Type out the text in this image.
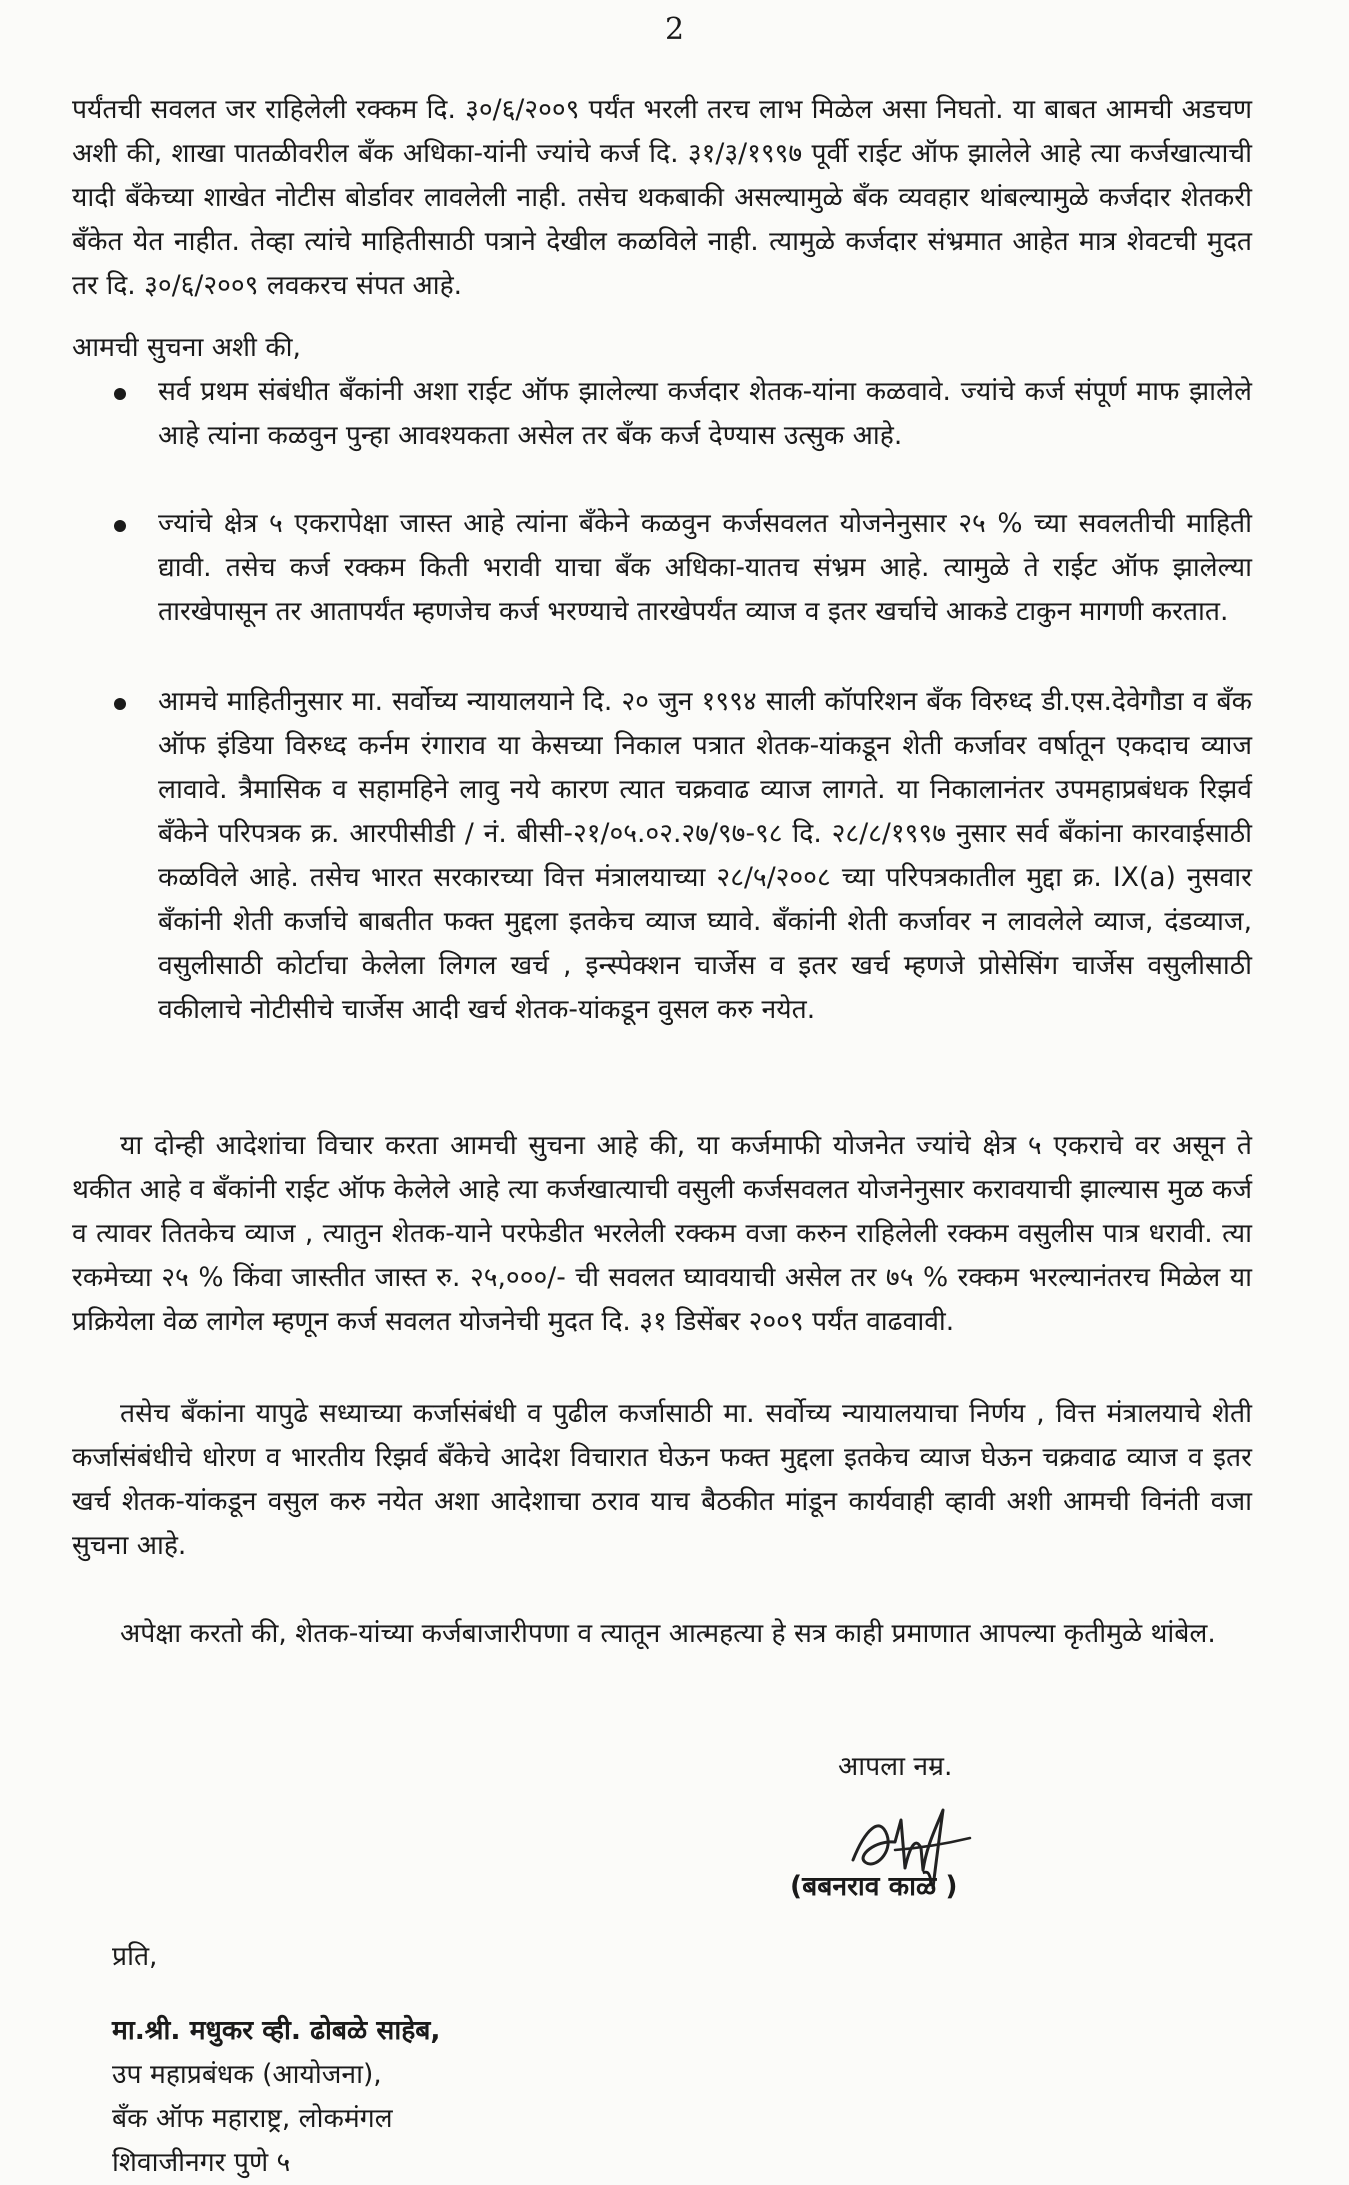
2
पर्यंतची सवलत जर राहिलेली रक्कम दि. ३०/६/२००९ पर्यंत भरली तरच लाभ मिळेल असा निघतो. या बाबत आमची अडचण अशी की, शाखा पातळीवरील बँक अधिका-यांनी ज्यांचे कर्ज दि. ३१/३/१९९७ पूर्वी राईट ऑफ झालेले आहे त्या कर्जखात्याची यादी बँकेच्या शाखेत नोटीस बोर्डावर लावलेली नाही. तसेच थकबाकी असल्यामुळे बँक व्यवहार थांबल्यामुळे कर्जदार शेतकरी बँकेत येत नाहीत. तेव्हा त्यांचे माहितीसाठी पत्राने देखील कळविले नाही. त्यामुळे कर्जदार संभ्रमात आहेत मात्र शेवटची मुदत तर दि. ३०/६/२००९ लवकरच संपत आहे.
आमची सुचना अशी की,
सर्व प्रथम संबंधीत बँकांनी अशा राईट ऑफ झालेल्या कर्जदार शेतक-यांना कळवावे. ज्यांचे कर्ज संपूर्ण माफ झालेले आहे त्यांना कळवुन पुन्हा आवश्यकता असेल तर बँक कर्ज देण्यास उत्सुक आहे.
ज्यांचे क्षेत्र ५ एकरापेक्षा जास्त आहे त्यांना बँकेने कळवुन कर्जसवलत योजनेनुसार २५ % च्या सवलतीची माहिती द्यावी. तसेच कर्ज रक्कम किती भरावी याचा बँक अधिका-यातच संभ्रम आहे. त्यामुळे ते राईट ऑफ झालेल्या तारखेपासून तर आतापर्यंत म्हणजेच कर्ज भरण्याचे तारखेपर्यंत व्याज व इतर खर्चाचे आकडे टाकुन मागणी करतात.
आमचे माहितीनुसार मा. सर्वोच्य न्यायालयाने दि. २० जुन १९९४ साली कॉपरिशन बँक विरुध्द डी.एस.देवेगौडा व बँक ऑफ इंडिया विरुध्द कर्नम रंगाराव या केसच्या निकाल पत्रात शेतक-यांकडून शेती कर्जावर वर्षातून एकदाच व्याज लावावे. त्रैमासिक व सहामहिने लावु नये कारण त्यात चक्रवाढ व्याज लागते. या निकालानंतर उपमहाप्रबंधक रिझर्व बँकेने परिपत्रक क्र. आरपीसीडी / नं. बीसी-२१/०५.०२.२७/९७-९८ दि. २८/८/१९९७ नुसार सर्व बँकांना कारवाईसाठी कळविले आहे. तसेच भारत सरकारच्या वित्त मंत्रालयाच्या २८/५/२००८ च्या परिपत्रकातील मुद्दा क्र. IX(a) नुसवार बँकांनी शेती कर्जाचे बाबतीत फक्त मुद्दला इतकेच व्याज घ्यावे. बँकांनी शेती कर्जावर न लावलेले व्याज, दंडव्याज, वसुलीसाठी कोर्टाचा केलेला लिगल खर्च , इन्स्पेक्शन चार्जेस व इतर खर्च म्हणजे प्रोसेसिंग चार्जेस वसुलीसाठी वकीलाचे नोटीसीचे चार्जेस आदी खर्च शेतक-यांकडून वुसल करु नयेत.
या दोन्ही आदेशांचा विचार करता आमची सुचना आहे की, या कर्जमाफी योजनेत ज्यांचे क्षेत्र ५ एकराचे वर असून ते थकीत आहे व बँकांनी राईट ऑफ केलेले आहे त्या कर्जखात्याची वसुली कर्जसवलत योजनेनुसार करावयाची झाल्यास मुळ कर्ज व त्यावर तितकेच व्याज , त्यातुन शेतक-याने परफेडीत भरलेली रक्कम वजा करुन राहिलेली रक्कम वसुलीस पात्र धरावी. त्या रकमेच्या २५ % किंवा जास्तीत जास्त रु. २५,०००/- ची सवलत घ्यावयाची असेल तर ७५ % रक्कम भरल्यानंतरच मिळेल या प्रक्रियेला वेळ लागेल म्हणून कर्ज सवलत योजनेची मुदत दि. ३१ डिसेंबर २००९ पर्यंत वाढवावी.
तसेच बँकांना यापुढे सध्याच्या कर्जासंबंधी व पुढील कर्जासाठी मा. सर्वोच्य न्यायालयाचा निर्णय , वित्त मंत्रालयाचे शेती कर्जासंबंधीचे धोरण व भारतीय रिझर्व बँकेचे आदेश विचारात घेऊन फक्त मुद्दला इतकेच व्याज घेऊन चक्रवाढ व्याज व इतर खर्च शेतक-यांकडून वसुल करु नयेत अशा आदेशाचा ठराव याच बैठकीत मांडून कार्यवाही व्हावी अशी आमची विनंती वजा सुचना आहे.
अपेक्षा करतो की, शेतक-यांच्या कर्जबाजारीपणा व त्यातून आत्महत्या हे सत्र काही प्रमाणात आपल्या कृतीमुळे थांबेल.
आपला नम्र.
(बबनराव काळे )
प्रति,
मा.श्री. मधुकर व्ही. ढोबळे साहेब,
उप महाप्रबंधक (आयोजना),
बँक ऑफ महाराष्ट्र, लोकमंगल
शिवाजीनगर पुणे ५
